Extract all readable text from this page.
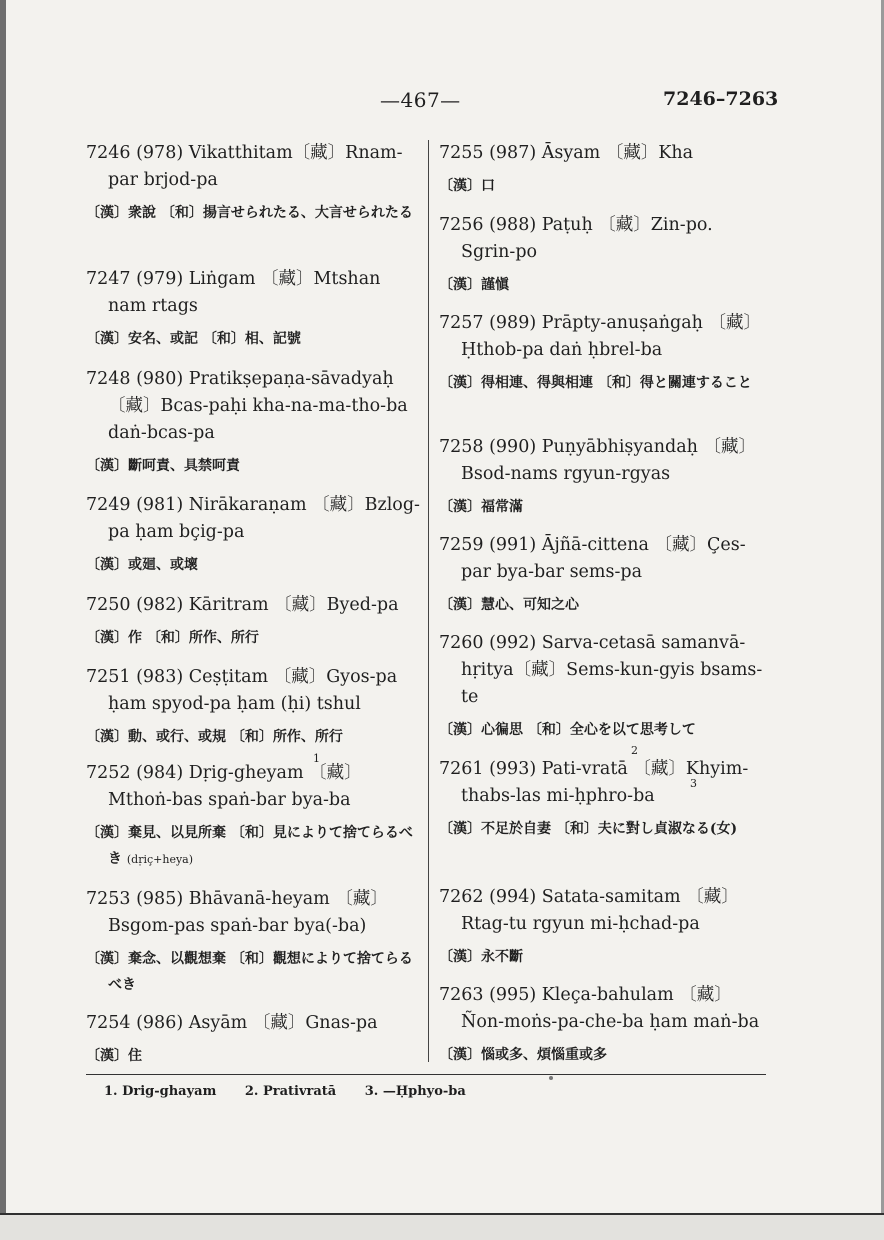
—467—	7246–7263
7246 (978) Vikatthitam〔藏〕Rnam-par brjod-pa
〔漢〕衆說 〔和〕揚言せられたる、大言せられたる
7247 (979) Liṅgam 〔藏〕Mtshan nam rtags
〔漢〕安名、或記 〔和〕相、記號
7248 (980) Pratikṣepaṇa-sāvadyaḥ 〔藏〕Bcas-paḥi kha-na-ma-tho-ba daṅ-bcas-pa
〔漢〕斷呵責、具禁呵責
7249 (981) Nirākaraṇam 〔藏〕Bzlog-pa ḥam bçig-pa
〔漢〕或廻、或壞
7250 (982) Kāritram 〔藏〕Byed-pa
〔漢〕作 〔和〕所作、所行
7251 (983) Ceṣṭitam 〔藏〕Gyos-pa ḥam spyod-pa ḥam (ḥi) tshul
〔漢〕動、或行、或規 〔和〕所作、所行
7252 (984) Dṛig-gheyam 〔藏〕Mthoṅ-bas spaṅ-bar bya-ba
〔漢〕棄見、以見所棄 〔和〕見によりて捨てらるべき (dṛiç+heya)
7253 (985) Bhāvanā-heyam 〔藏〕Bsgom-pas spaṅ-bar bya(-ba)
〔漢〕棄念、以觀想棄 〔和〕觀想によりて捨てらるべき
7254 (986) Asyām 〔藏〕Gnas-pa
〔漢〕住
7255 (987) Āsyam 〔藏〕Kha
〔漢〕口
7256 (988) Paṭuḥ 〔藏〕Zin-po. Sgrin-po
〔漢〕謹愼
7257 (989) Prāpty-anuṣaṅgaḥ 〔藏〕Ḥthob-pa daṅ ḥbrel-ba
〔漢〕得相連、得與相連 〔和〕得と關連すること
7258 (990) Puṇyābhiṣyandaḥ 〔藏〕Bsod-nams rgyun-rgyas
〔漢〕福常滿
7259 (991) Ājñā-cittena 〔藏〕Çes-par bya-bar sems-pa
〔漢〕慧心、可知之心
7260 (992) Sarva-cetasā samanvā-hṛitya〔藏〕Sems-kun-gyis bsams-te
〔漢〕心徧思 〔和〕全心を以て思考して
7261 (993) Pati-vratā 〔藏〕Khyim-thabs-las mi-ḥphro-ba
〔漢〕不足於自妻 〔和〕夫に對し貞淑なる(女)
7262 (994) Satata-samitam 〔藏〕Rtag-tu rgyun mi-ḥchad-pa
〔漢〕永不斷
7263 (995) Kleça-bahulam 〔藏〕Ñon-moṅs-pa-che-ba ḥam maṅ-ba
〔漢〕惱或多、煩惱重或多
1
2
3
1. Drig-ghayam 2. Prativratā 3. —Ḥphyo-ba
